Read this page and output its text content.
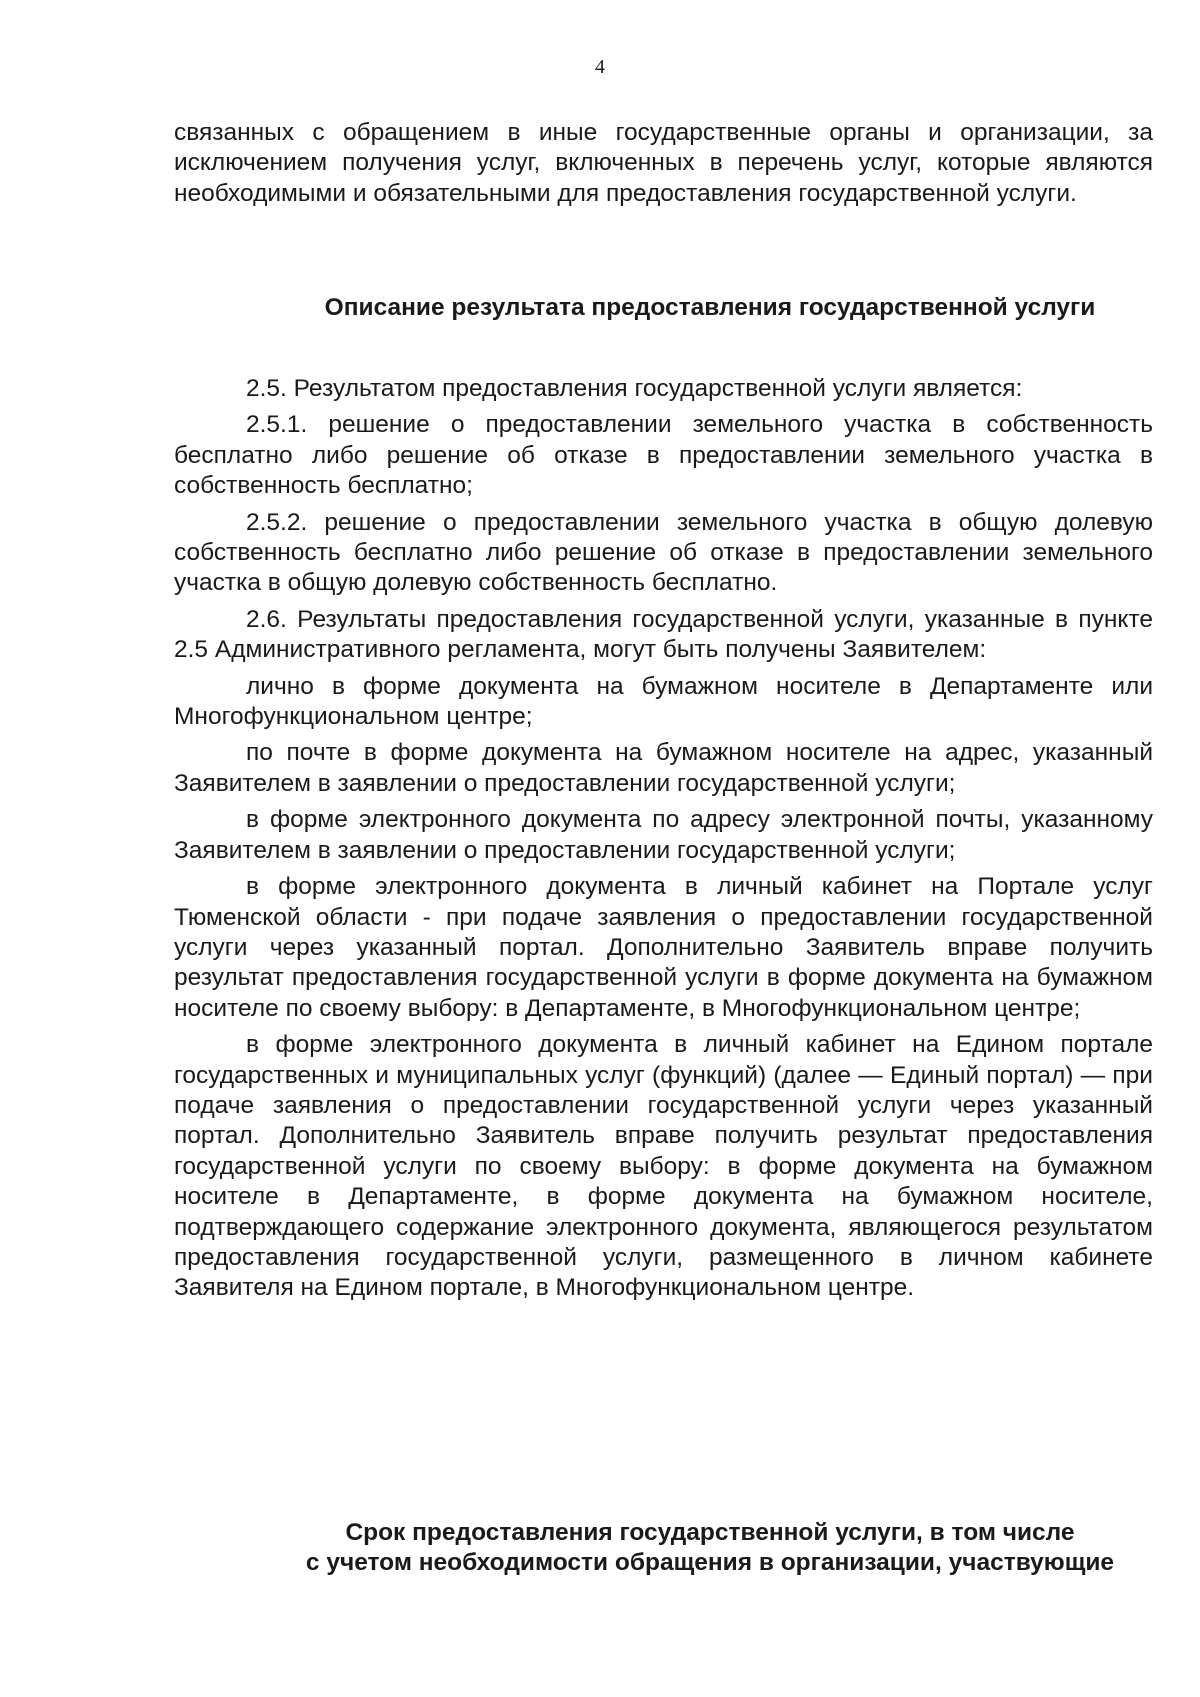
4

связанных с обращением в иные государственные органы и организации, за исключением получения услуг, включенных в перечень услуг, которые являются необходимыми и обязательными для предоставления государственной услуги.

Описание результата предоставления государственной услуги

2.5. Результатом предоставления государственной услуги является:

2.5.1. решение о предоставлении земельного участка в собственность бесплатно либо решение об отказе в предоставлении земельного участка в собственность бесплатно;

2.5.2. решение о предоставлении земельного участка в общую долевую собственность бесплатно либо решение об отказе в предоставлении земельного участка в общую долевую собственность бесплатно.

2.6. Результаты предоставления государственной услуги, указанные в пункте 2.5 Административного регламента, могут быть получены Заявителем:

лично в форме документа на бумажном носителе в Департаменте или Многофункциональном центре;

по почте в форме документа на бумажном носителе на адрес, указанный Заявителем в заявлении о предоставлении государственной услуги;

в форме электронного документа по адресу электронной почты, указанному Заявителем в заявлении о предоставлении государственной услуги;

в форме электронного документа в личный кабинет на Портале услуг Тюменской области - при подаче заявления о предоставлении государственной услуги через указанный портал. Дополнительно Заявитель вправе получить результат предоставления государственной услуги в форме документа на бумажном носителе по своему выбору: в Департаменте, в Многофункциональном центре;

в форме электронного документа в личный кабинет на Едином портале государственных и муниципальных услуг (функций) (далее — Единый портал) — при подаче заявления о предоставлении государственной услуги через указанный портал. Дополнительно Заявитель вправе получить результат предоставления государственной услуги по своему выбору: в форме документа на бумажном носителе в Департаменте, в форме документа на бумажном носителе, подтверждающего содержание электронного документа, являющегося результатом предоставления государственной услуги, размещенного в личном кабинете Заявителя на Едином портале, в Многофункциональном центре.

Срок предоставления государственной услуги, в том числе
с учетом необходимости обращения в организации, участвующие
